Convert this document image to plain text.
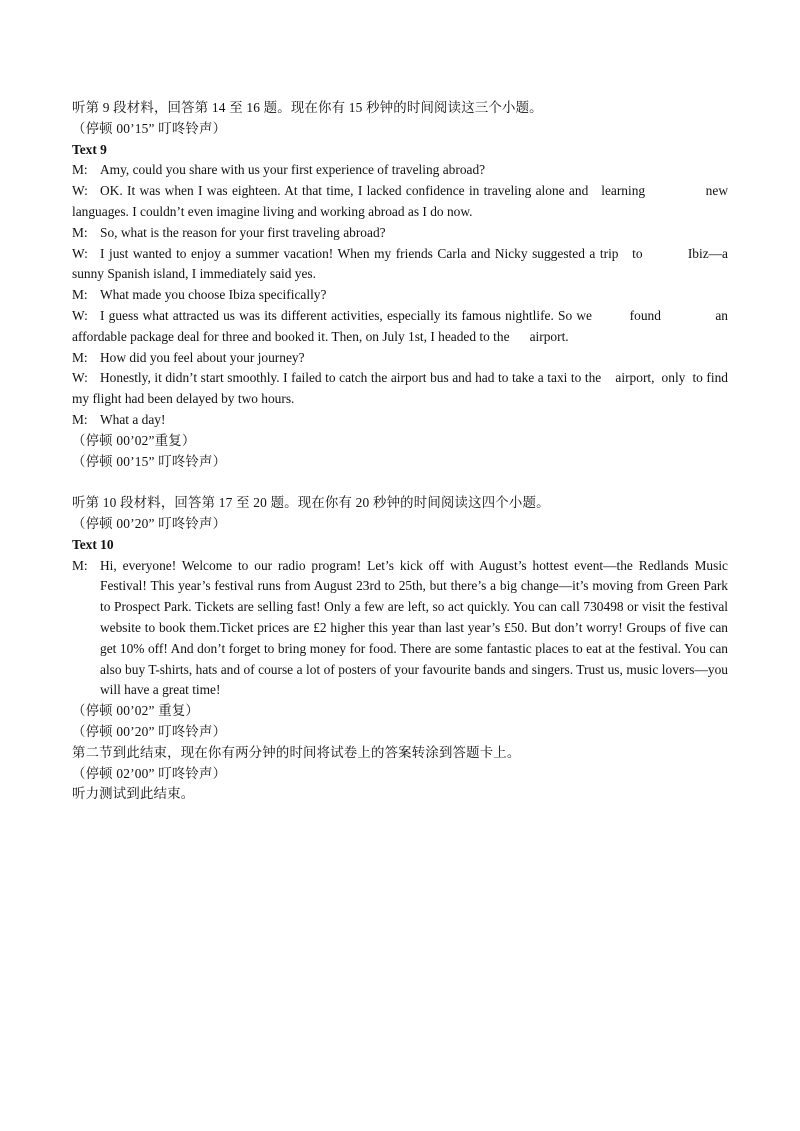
听第 9 段材料，回答第 14 至 16 题。现在你有 15 秒钟的时间阅读这三个小题。
（停顿 00’15” 叮咚铃声）
Text 9
M: Amy, could you share with us your first experience of traveling abroad?
W: OK. It was when I was eighteen. At that time, I lacked confidence in traveling alone and   learning              new languages. I couldn’t even imagine living and working abroad as I do now.
M: So, what is the reason for your first traveling abroad?
W: I just wanted to enjoy a summer vacation! When my friends Carla and Nicky suggested a trip   to          Ibiz—a sunny Spanish island, I immediately said yes.
M: What made you choose Ibiza specifically?
W: I guess what attracted us was its different activities, especially its famous nightlife. So we         found             an affordable package deal for three and booked it. Then, on July 1st, I headed to the      airport.
M: How did you feel about your journey?
W: Honestly, it didn’t start smoothly. I failed to catch the airport bus and had to take a taxi to the    airport,  only  to find my flight had been delayed by two hours.
M: What a day!
（停顿 00’02”重复）
（停顿 00’15” 叮咚铃声）
听第 10 段材料，回答第 17 至 20 题。现在你有 20 秒钟的时间阅读这四个小题。
（停顿 00’20” 叮咚铃声）
Text 10
M: Hi, everyone! Welcome to our radio program! Let’s kick off with August’s hottest event—the Redlands Music Festival! This year’s festival runs from August 23rd to 25th, but there’s a big change—it’s moving from Green Park to Prospect Park. Tickets are selling fast! Only a few are left, so act quickly. You can call 730498 or visit the festival website to book them.Ticket prices are £2 higher this year than last year’s £50. But don’t worry! Groups of five can get 10% off! And don’t forget to bring money for food. There are some fantastic places to eat at the festival. You can also buy T-shirts, hats and of course a lot of posters of your favourite bands and singers. Trust us, music lovers—you will have a great time!
（停顿 00’02” 重复）
（停顿 00’20” 叮咚铃声）
第二节到此结束，现在你有两分钟的时间将试卷上的答案转涂到答题卡上。
（停顿 02’00” 叮咚铃声）
听力测试到此结束。
